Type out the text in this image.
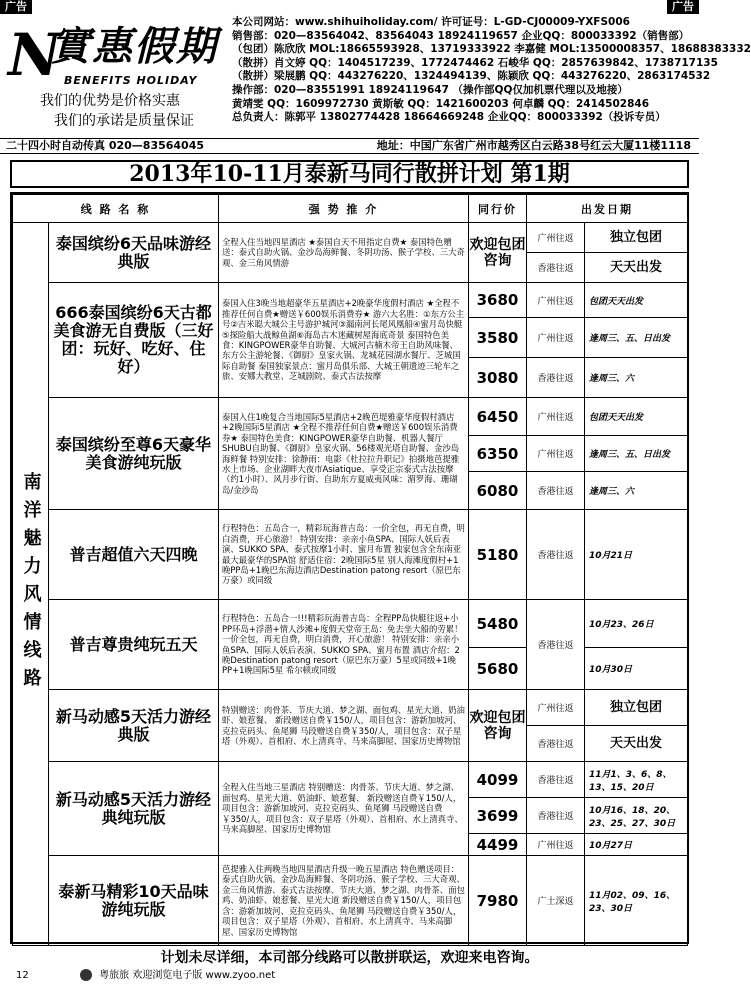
广告	广告
N
實惠假期
BENEFITS HOLIDAY
我们的优势是价格实惠
我们的承诺是质量保证
本公司网站：www.shihuiholiday.com/ 许可证号：L-GD-CJ00009-YXFS006
销售部：020—83564042、83564043 18924119657 企业QQ：800033392（销售部）
（包团）陈欣欣 MOL:18665593928、13719333922 李嘉健 MOL:13500008357、18688383332
（散拼）肖文婷 QQ：1404517239、1772474462 石峻华 QQ：2857639842、1738717135
（散拼）梁展鹏 QQ：443276220、1324494139、陈颖欣 QQ：443276220、2863174532
操作部：020—83551991 18924119647 （操作部QQ仅加机票代理以及地接）
黄靖雯 QQ：1609972730 黄斯敏 QQ：1421600203 何卓麟 QQ：2414502846
总负责人：陈郭平 13802774428 18664669248 企业QQ：800033392（投诉专员）
二十四小时自动传真 020—83564045	地址：中国广东省广州市越秀区白云路38号红云大厦11楼1118
2013年10-11月泰新马同行散拼计划 第1期
线 路 名 称		强 势 推 介	同行价	出发日期	
南洋魅力风情线路	泰国缤纷6天品味游经典版	全程入住当地四星酒店 ★泰国自天不用指定自费★ 泰国特色赠送：泰式自助火锅、金沙岛海鲜餐、冬阴功汤、猴子学校、三大奇观、金三角风情游	欢迎包团咨询	广州往返	独立包团
				香港往返	天天出发
	666泰国缤纷6天古都美食游无自费版（三好团：玩好、吃好、住好）	泰国入住3晚当地超豪华五星酒店+2晚豪华度假村酒店 ★全程不推荐任何自费★赠送￥600娱乐消费券★ 游六大名胜：①东方公主号②吉米聪大城公主号游护城河③漏南河长尾风凰船④蜜月岛快艇⑤探险船大战鲸鱼湖⑥海岛古木迷藏树屋海底奇景 泰国特色美食：KINGPOWER豪华自助餐、大城河古楠木帝王自助风味餐、东方公主游轮餐、《御厨》皇家火锅、龙城花园湖水餐厅、芝城国际自助餐 泰国独家景点：蜜月岛俱乐部、大城王朝遗迹三轮车之旅、安娜大教堂、芝城剧院、泰式古法按摩	3680	广州往返	包团天天出发
			3580	广州往返	逢周三、五、日出发
			3080	香港往返	逢周三、六
	泰国缤纷至尊6天豪华美食游纯玩版	泰国入住1晚复合当地国际5星酒店+2晚芭堤雅豪华度假村酒店+2晚国际5星酒店 ★全程不推荐任何自费★赠送￥600娱乐消费券★ 泰国特色美食：KINGPOWER豪华自助餐、机器人餐厅SHUBU自助餐、《御厨》皇家火锅、56楼观光塔自助餐、金沙岛海鲜餐 特别安排：徐静雨：电影《杜拉拉升职记》拍摄地芭提雅水上市场、企业湖畔大夜市Asiatique、享受正宗泰式古法按摩（约1小时）、风月步行街、自助东方夏威夷风味：湄罗海、珊瑚岛/金沙岛	6450	广州往返	包团天天出发
			6350	广州往返	逢周三、五、日出发
			6080	香港往返	逢周三、六
	普吉超值六天四晚	行程特色：五岛合一，精彩玩海普吉岛：一价全包，再无自费，明白消费，开心旅游！ 特别安排：亲亲小鱼SPA、国际人妖后表演、SUKKO SPA、泰式按摩1小时、蜜月布置 独家包含全东南亚最大最豪华的SPA馆 舒适住宿：2晚国际5星 别人海滩度假村+1晚PP岛+1晚巴东海边酒店Destination patong resort（原巴东万豪）或同级	5180	香港往返	10月21日
	普吉尊贵纯玩五天	行程特色：五岛合一!!!精彩玩海普吉岛：全程PP岛快艇往返+小PP环岛+浮潜+情人沙滩+度假天堂帝王岛：免去坐大船的劳累！ 一价全包，再无自费，明白消费，开心旅游！ 特别安排：亲亲小鱼SPA、国际人妖后表演、SUKKO SPA、蜜月布置 酒店介绍：2晚Destination patong resort（原巴东万豪）5星或同级+1晚PP+1晚国际5星 希尔顿或同级	5480	香港往返	10月23、26日
			5680		10月30日
	新马动感5天活力游经典版	特别赠送：肉骨茶、节庆大道、梦之湖、面包鸡、星光大道、奶油虾、娘惹餐、 新段赠送自费￥150/人，项目包含：游新加坡河、克拉克码头、鱼尾狮 马段赠送自费￥350/人，项目包含：双子星塔（外观）、首相府、水上清真寺、马来高脚屋、国家历史博物馆	欢迎包团咨询	广州往返	独立包团
				香港往返	天天出发
	新马动感5天活力游经典纯玩版	全程入住当地三星酒店 特别赠送：肉骨茶、节庆大道、梦之湖、面包鸡、星光大道、奶油虾、娘惹餐、 新段赠送自费￥150/人，项目包含：游新加坡河、克拉克码头、鱼尾狮 马段赠送自费￥350/人，项目包含：双子星塔（外观）、首相府、水上清真寺、马来高脚屋、国家历史博物馆	4099	香港往返	11月1、3、6、8、13、15、20日
			3699	香港往返	10月16、18、20、23、25、27、30日
			4499	广州往返	10月27日
	泰新马精彩10天品味游纯玩版	芭提雅入住两晚当地四星酒店升级一晚五星酒店 特色赠送项目：泰式自助火锅、金沙岛海鲜餐、冬阴功汤、猴子学校、三大奇观、金三角风情游、泰式古法按摩、节庆大道、梦之湖、肉骨茶、面包鸡、奶油虾、娘惹餐、星光大道 新段赠送自费￥150/人，项目包含：游新加坡河、克拉克码头、鱼尾狮 马段赠送自费￥350/人，项目包含：双子星塔（外观）、首相府、水上清真寺、马来高脚屋、国家历史博物馆	7980	广土深返	11月02、09、16、23、30日
计划未尽详细，本司部分线路可以散拼联运，欢迎来电咨询。
12	粤旅旅 欢迎浏览电子版 www.zyoo.net
